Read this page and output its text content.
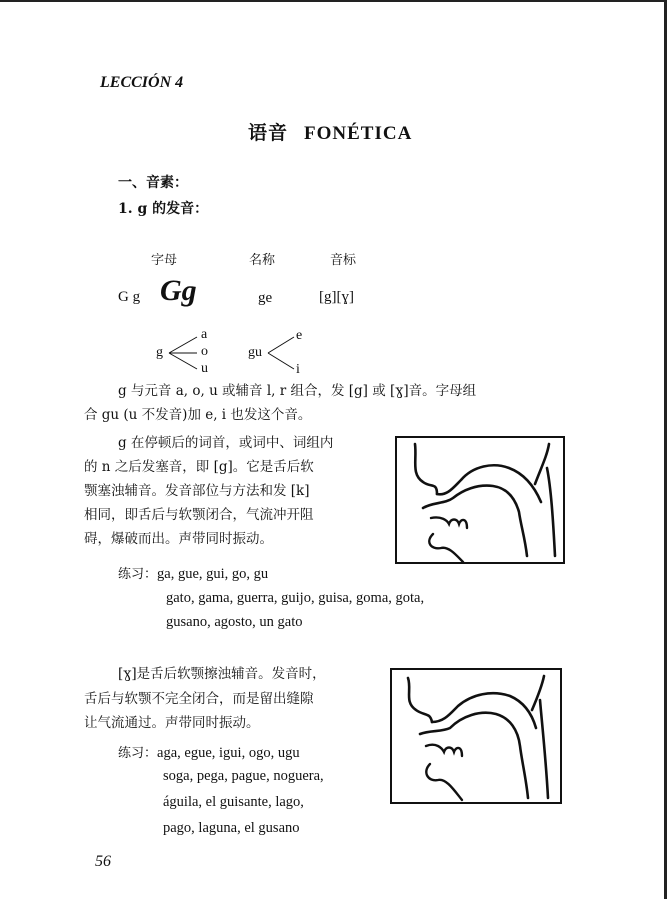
LECCIÓN 4
语音 FONÉTICA
一、音素：
1. g 的发音：
字母	名称	音标
G g Gg	ge	[g][ɣ]
g
a
o
u
gu
e
i
g 与元音 a, o, u 或辅音 l, r 组合，发 [g] 或 [ɣ]音。字母组
合 gu (u 不发音)加 e, i 也发这个音。
g 在停顿后的词首，或词中、词组内
的 n 之后发塞音，即 [g]。它是舌后软
颚塞浊辅音。发音部位与方法和发 [k]
相同，即舌后与软颚闭合，气流冲开阻
碍，爆破而出。声带同时振动。
练习：ga, gue, gui, go, gu
gato, gama, guerra, guijo, guisa, goma, gota,
gusano, agosto, un gato
[ɣ]是舌后软颚擦浊辅音。发音时，
舌后与软颚不完全闭合，而是留出缝隙
让气流通过。声带同时振动。
练习：aga, egue, igui, ogo, ugu
soga, pega, pague, noguera,
águila, el guisante, lago,
pago, laguna, el gusano
56
